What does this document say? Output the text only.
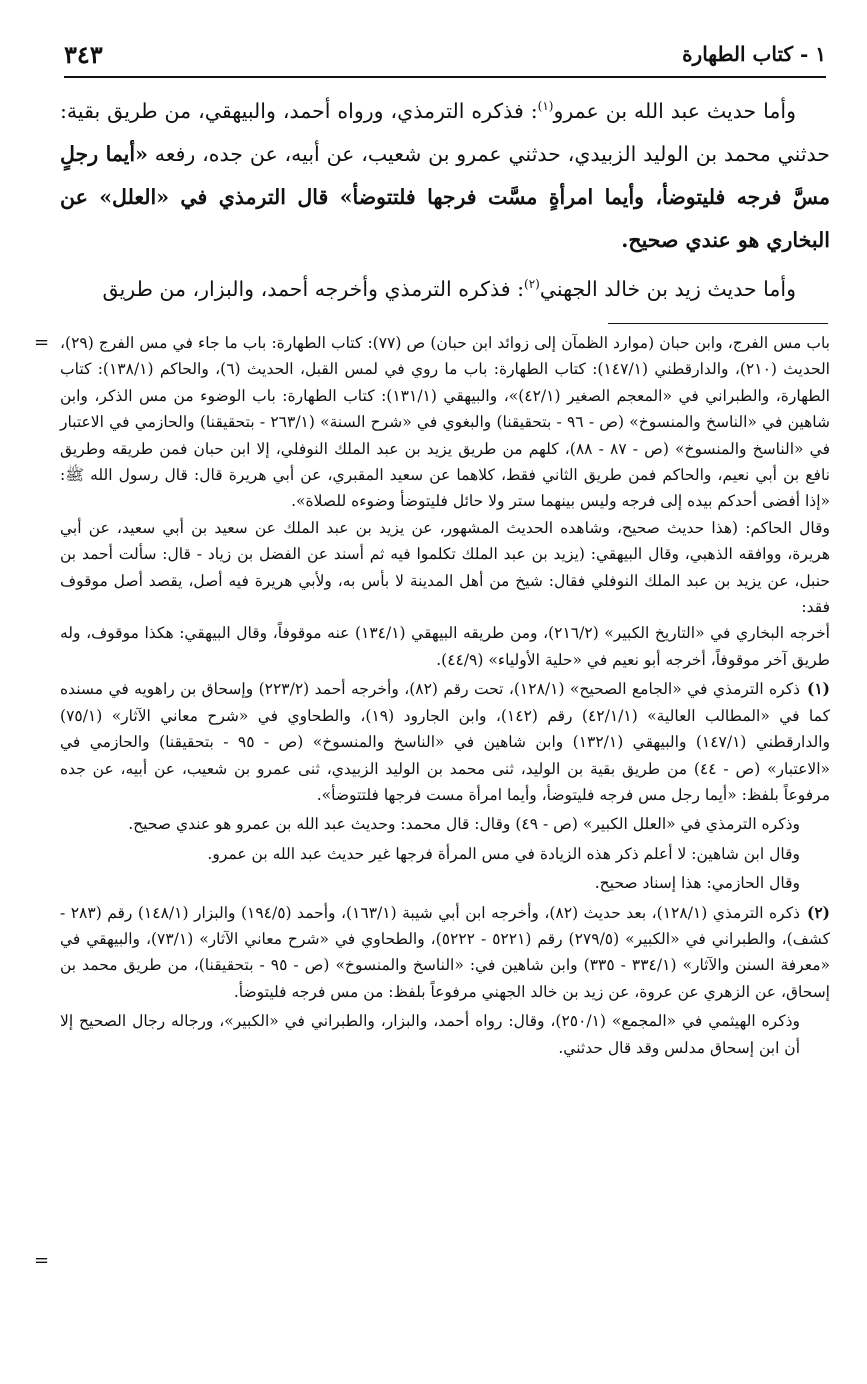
١ - كتاب الطهارة
٣٤٣

وأما حديث عبد الله بن عمرو$^{(١)}$: فذكره الترمذي، ورواه أحمد، والبيهقي، من طريق بقية: حدثني محمد بن الوليد الزبيدي، حدثني عمرو بن شعيب، عن أبيه، عن جده، رفعه «أيما رجلٍ مسَّ فرجه فليتوضأ، وأيما امرأةٍ مسَّت فرجها فلتتوضأ» قال الترمذي في «العلل» عن البخاري هو عندي صحيح.

وأما حديث زيد بن خالد الجهني$^{(٢)}$: فذكره الترمذي وأخرجه أحمد، والبزار، من طريق

= باب مس الفرج، وابن حبان (موارد الظمآن إلى زوائد ابن حبان) ص (٧٧): كتاب الطهارة: باب ما جاء في مس الفرج (٢٩)، الحديث (٢١٠)، والدارقطني (١٤٧/١): كتاب الطهارة: باب ما روي في لمس القبل، الحديث (٦)، والحاكم (١٣٨/١): كتاب الطهارة، والطبراني في «المعجم الصغير (٤٢/١)»، والبيهقي (١٣١/١): كتاب الطهارة: باب الوضوء من مس الذكر، وابن شاهين في «الناسخ والمنسوخ» (ص - ٩٦ - بتحقيقنا) والبغوي في «شرح السنة» (٢٦٣/١ - بتحقيقنا) والحازمي في الاعتبار في «الناسخ والمنسوخ» (ص - ٨٧ - ٨٨)، كلهم من طريق يزيد بن عبد الملك النوفلي، إلا ابن حبان فمن طريقه وطريق نافع بن أبي نعيم، والحاكم فمن طريق الثاني فقط، كلاهما عن سعيد المقبري، عن أبي هريرة قال: قال رسول الله ﷺ: «إذا أفضى أحدكم بيده إلى فرجه وليس بينهما ستر ولا حائل فليتوضأ وضوءه للصلاة».

وقال الحاكم: (هذا حديث صحيح، وشاهده الحديث المشهور، عن يزيد بن عبد الملك عن سعيد بن أبي سعيد، عن أبي هريرة، ووافقه الذهبي، وقال البيهقي: (يزيد بن عبد الملك تكلموا فيه ثم أسند عن الفضل بن زياد - قال: سألت أحمد بن حنبل، عن يزيد بن عبد الملك النوفلي فقال: شيخ من أهل المدينة لا بأس به، ولأبي هريرة فيه أصل، يقصد أصل موقوف فقد:

أخرجه البخاري في «التاريخ الكبير» (٢١٦/٢)، ومن طريقه البيهقي (١٣٤/١) عنه موقوفاً، وقال البيهقي: هكذا موقوف، وله طريق آخر موقوفاً، أخرجه أبو نعيم في «حلية الأولياء» (٤٤/٩).

(١)ذكره الترمذي في «الجامع الصحيح» (١٢٨/١)، تحت رقم (٨٢)، وأخرجه أحمد (٢٢٣/٢) وإسحاق بن راهويه في مسنده كما في «المطالب العالية» (٤٢/١/١) رقم (١٤٢)، وابن الجارود (١٩)، والطحاوي في «شرح معاني الآثار» (٧٥/١) والدارقطني (١٤٧/١) والبيهقي (١٣٢/١) وابن شاهين في «الناسخ والمنسوخ» (ص - ٩٥ - بتحقيقنا) والحازمي في «الاعتبار» (ص - ٤٤) من طريق بقية بن الوليد، ثنى محمد بن الوليد الزبيدي، ثنى عمرو بن شعيب، عن أبيه، عن جده مرفوعاً بلفظ: «أيما رجل مس فرجه فليتوضأ، وأيما امرأة مست فرجها فلتتوضأ».

وذكره الترمذي في «العلل الكبير» (ص - ٤٩) وقال: قال محمد: وحديث عبد الله بن عمرو هو عندي صحيح.

وقال ابن شاهين: لا أعلم ذكر هذه الزيادة في مس المرأة فرجها غير حديث عبد الله بن عمرو.

وقال الحازمي: هذا إسناد صحيح.

(٢)ذكره الترمذي (١٢٨/١)، بعد حديث (٨٢)، وأخرجه ابن أبي شيبة (١٦٣/١)، وأحمد (١٩٤/٥) والبزار (١٤٨/١) رقم (٢٨٣ - كشف)، والطبراني في «الكبير» (٢٧٩/٥) رقم (٥٢٢١ - ٥٢٢٢)، والطحاوي في «شرح معاني الآثار» (٧٣/١)، والبيهقي في «معرفة السنن والآثار» (٣٣٤/١ - ٣٣٥) وابن شاهين في: «الناسخ والمنسوخ» (ص - ٩٥ - بتحقيقنا)، من طريق محمد بن إسحاق، عن الزهري عن عروة، عن زيد بن خالد الجهني مرفوعاً بلفظ: من مس فرجه فليتوضأ.

وذكره الهيثمي في «المجمع» (٢٥٠/١)، وقال: رواه أحمد، والبزار، والطبراني في «الكبير»، ورجاله رجال الصحيح إلا أن ابن إسحاق مدلس وقد قال حدثني.

=
